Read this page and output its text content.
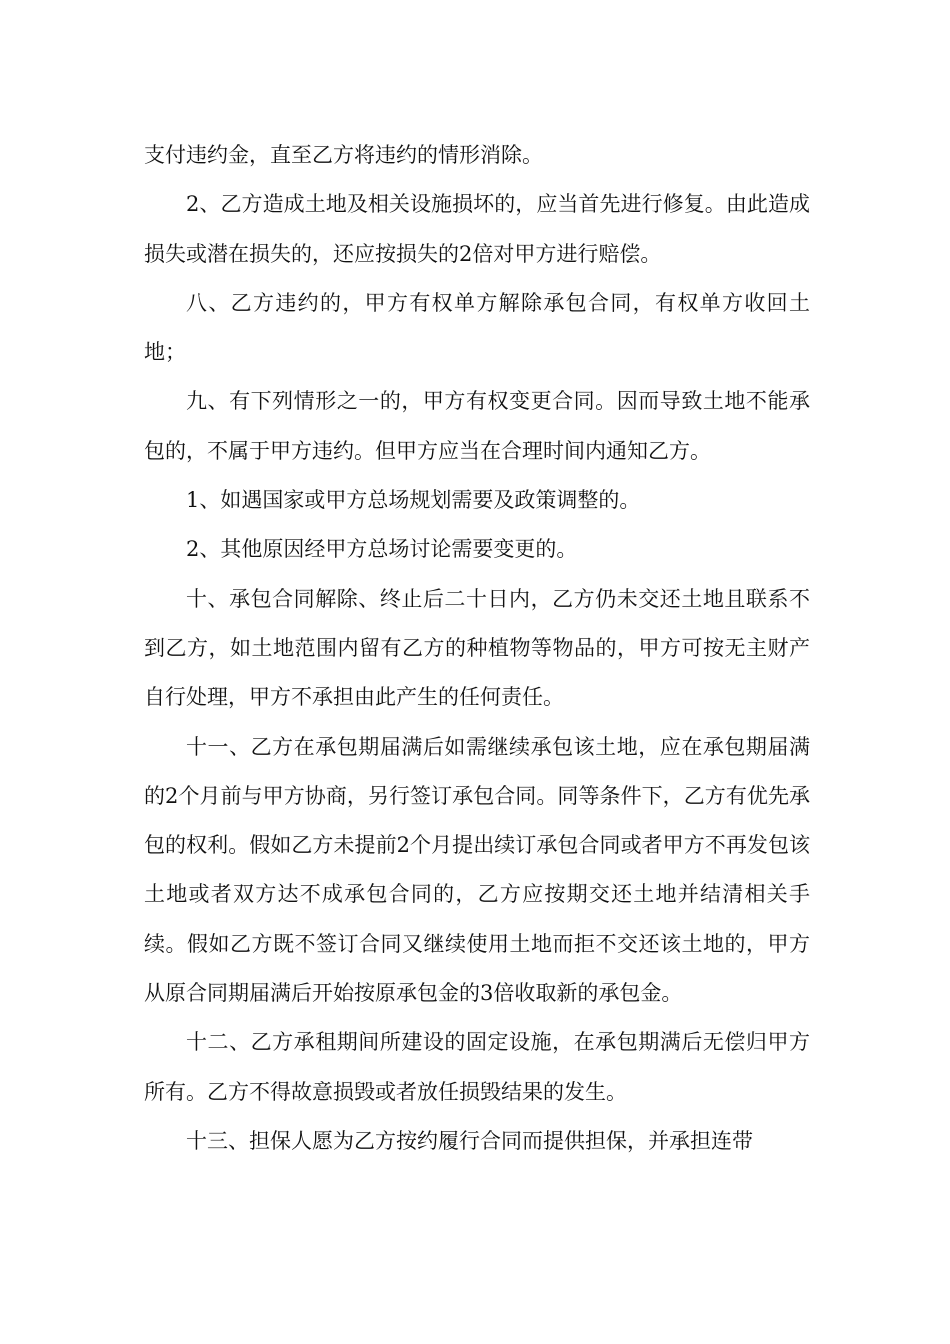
支付违约金，直至乙方将违约的情形消除。

2、乙方造成土地及相关设施损坏的，应当首先进行修复。由此造成损失或潜在损失的，还应按损失的2倍对甲方进行赔偿。

八、乙方违约的，甲方有权单方解除承包合同，有权单方收回土地；

九、有下列情形之一的，甲方有权变更合同。因而导致土地不能承包的，不属于甲方违约。但甲方应当在合理时间内通知乙方。

1、如遇国家或甲方总场规划需要及政策调整的。

2、其他原因经甲方总场讨论需要变更的。

十、承包合同解除、终止后二十日内，乙方仍未交还土地且联系不到乙方，如土地范围内留有乙方的种植物等物品的，甲方可按无主财产自行处理，甲方不承担由此产生的任何责任。

十一、乙方在承包期届满后如需继续承包该土地，应在承包期届满的2个月前与甲方协商，另行签订承包合同。同等条件下，乙方有优先承包的权利。假如乙方未提前2个月提出续订承包合同或者甲方不再发包该土地或者双方达不成承包合同的，乙方应按期交还土地并结清相关手续。假如乙方既不签订合同又继续使用土地而拒不交还该土地的，甲方从原合同期届满后开始按原承包金的3倍收取新的承包金。

十二、乙方承租期间所建设的固定设施，在承包期满后无偿归甲方所有。乙方不得故意损毁或者放任损毁结果的发生。

十三、担保人愿为乙方按约履行合同而提供担保，并承担连带
